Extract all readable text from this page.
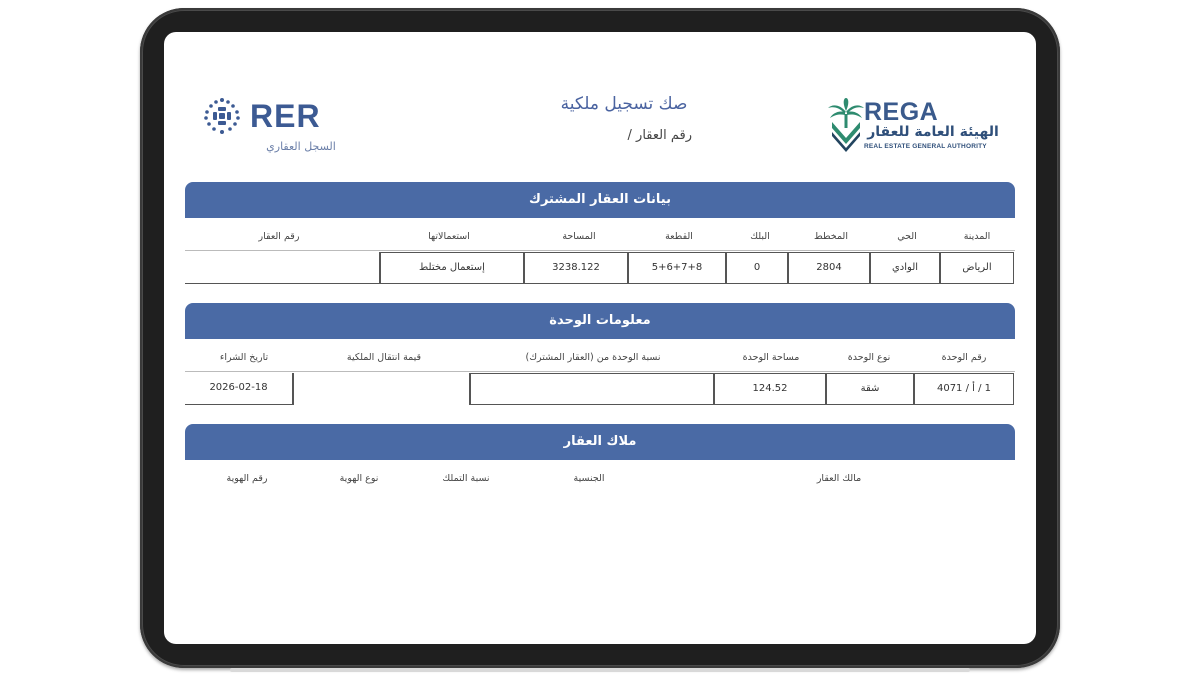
RER
السجل العقاري
صك تسجيل ملكية
رقم العقار /
REGA
الهيئة العامة للعقار
REAL ESTATE GENERAL AUTHORITY
بيانات العقار المشترك
المدينة
الحي
المخطط
البلك
القطعة
المساحة
استعمالاتها
رقم العقار
الرياض
الوادي
2804
0
5+6+7+8
3238.122
إستعمال مختلط
معلومات الوحدة
رقم الوحدة
نوع الوحدة
مساحة الوحدة
نسبة الوحدة من (العقار المشترك)
قيمة انتقال الملكية
تاريخ الشراء
1 / أ / 4071
شقة
124.52
2026-02-18
ملاك العقار
مالك العقار
الجنسية
نسبة التملك
نوع الهوية
رقم الهوية
